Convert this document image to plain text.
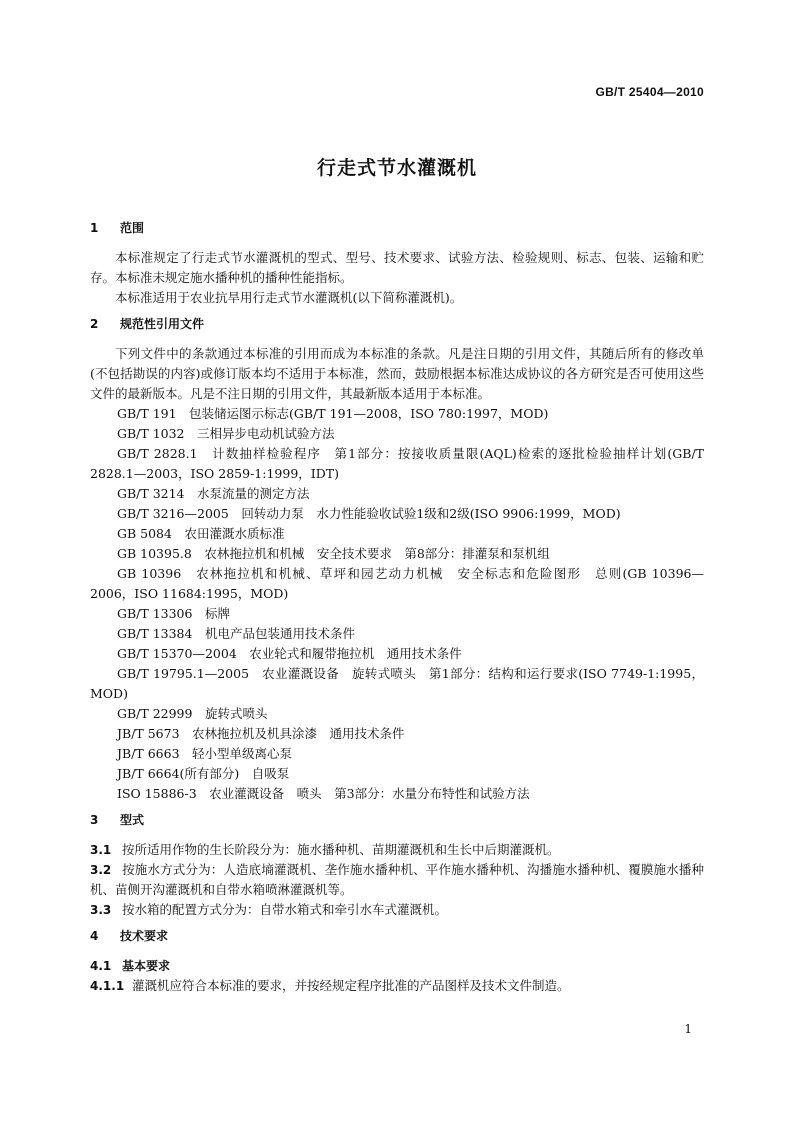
GB/T 25404—2010
行走式节水灌溉机
1 范围

本标准规定了行走式节水灌溉机的型式、型号、技术要求、试验方法、检验规则、标志、包装、运输和贮存。本标准未规定施水播种机的播种性能指标。

本标准适用于农业抗旱用行走式节水灌溉机(以下简称灌溉机)。

2 规范性引用文件

下列文件中的条款通过本标准的引用而成为本标准的条款。凡是注日期的引用文件，其随后所有的修改单(不包括勘误的内容)或修订版本均不适用于本标准，然而，鼓励根据本标准达成协议的各方研究是否可使用这些文件的最新版本。凡是不注日期的引用文件，其最新版本适用于本标准。

GB/T 191　包装储运图示标志(GB/T 191—2008，ISO 780:1997，MOD)

GB/T 1032　三相异步电动机试验方法

GB/T 2828.1　计数抽样检验程序　第1部分：按接收质量限(AQL)检索的逐批检验抽样计划(GB/T 2828.1—2003，ISO 2859-1:1999，IDT)

GB/T 3214　水泵流量的测定方法

GB/T 3216—2005　回转动力泵　水力性能验收试验1级和2级(ISO 9906:1999，MOD)

GB 5084　农田灌溉水质标准

GB 10395.8　农林拖拉机和机械　安全技术要求　第8部分：排灌泵和泵机组

GB 10396　农林拖拉机和机械、草坪和园艺动力机械　安全标志和危险图形　总则(GB 10396—2006，ISO 11684:1995，MOD)

GB/T 13306　标牌

GB/T 13384　机电产品包装通用技术条件

GB/T 15370—2004　农业轮式和履带拖拉机　通用技术条件

GB/T 19795.1—2005　农业灌溉设备　旋转式喷头　第1部分：结构和运行要求(ISO 7749-1:1995，MOD)

GB/T 22999　旋转式喷头

JB/T 5673　农林拖拉机及机具涂漆　通用技术条件

JB/T 6663　轻小型单级离心泵

JB/T 6664(所有部分)　自吸泵

ISO 15886-3　农业灌溉设备　喷头　第3部分：水量分布特性和试验方法

3 型式

3.1 按所适用作物的生长阶段分为：施水播种机、苗期灌溉机和生长中后期灌溉机。

3.2 按施水方式分为：人造底墒灌溉机、垄作施水播种机、平作施水播种机、沟播施水播种机、覆膜施水播种机、苗侧开沟灌溉机和自带水箱喷淋灌溉机等。

3.3 按水箱的配置方式分为：自带水箱式和牵引水车式灌溉机。

4 技术要求
4.1 基本要求

4.1.1 灌溉机应符合本标准的要求，并按经规定程序批准的产品图样及技术文件制造。

1
